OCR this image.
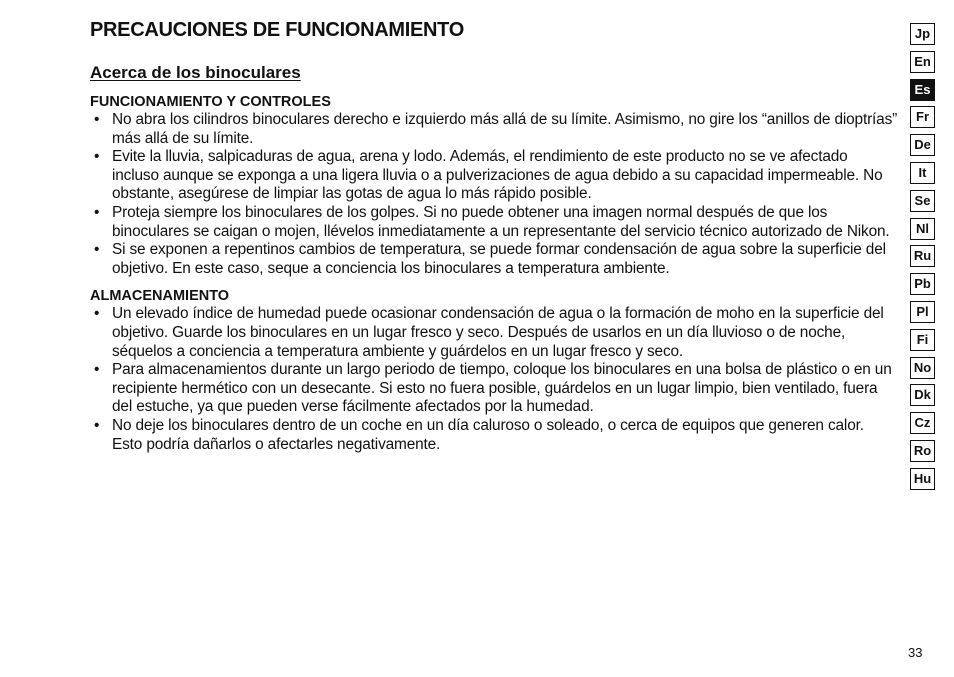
PRECAUCIONES DE FUNCIONAMIENTO
Acerca de los binoculares
FUNCIONAMIENTO Y CONTROLES
• No abra los cilindros binoculares derecho e izquierdo más allá de su límite. Asimismo, no gire los “anillos de dioptrías” más allá de su límite.
• Evite la lluvia, salpicaduras de agua, arena y lodo. Además, el rendimiento de este producto no se ve afectado incluso aunque se exponga a una ligera lluvia o a pulverizaciones de agua debido a su capacidad impermeable. No obstante, asegúrese de limpiar las gotas de agua lo más rápido posible.
• Proteja siempre los binoculares de los golpes. Si no puede obtener una imagen normal después de que los binoculares se caigan o mojen, llévelos inmediatamente a un representante del servicio técnico autorizado de Nikon.
• Si se exponen a repentinos cambios de temperatura, se puede formar condensación de agua sobre la superficie del objetivo. En este caso, seque a conciencia los binoculares a temperatura ambiente.
ALMACENAMIENTO
• Un elevado índice de humedad puede ocasionar condensación de agua o la formación de moho en la superficie del objetivo. Guarde los binoculares en un lugar fresco y seco. Después de usarlos en un día lluvioso o de noche, séquelos a conciencia a temperatura ambiente y guárdelos en un lugar fresco y seco.
• Para almacenamientos durante un largo periodo de tiempo, coloque los binoculares en una bolsa de plástico o en un recipiente hermético con un desecante. Si esto no fuera posible, guárdelos en un lugar limpio, bien ventilado, fuera del estuche, ya que pueden verse fácilmente afectados por la humedad.
• No deje los binoculares dentro de un coche en un día caluroso o soleado, o cerca de equipos que generen calor. Esto podría dañarlos o afectarles negativamente.
Jp
En
Es
Fr
De
It
Se
Nl
Ru
Pb
Pl
Fi
No
Dk
Cz
Ro
Hu
33
